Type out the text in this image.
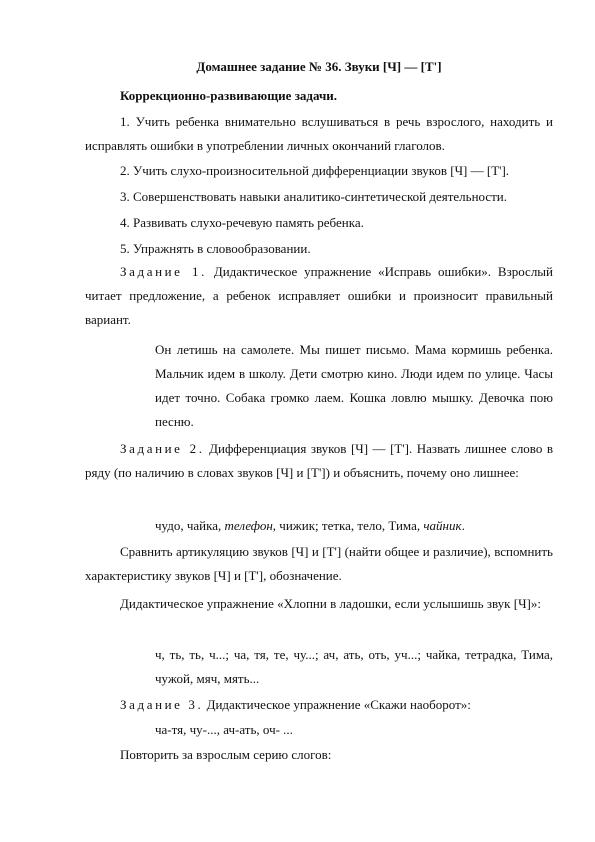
Домашнее задание № 36. Звуки [Ч] — [Т']

Коррекционно-развивающие задачи.

1. Учить ребенка внимательно вслушиваться в речь взрослого, находить и исправлять ошибки в употреблении личных окончаний глаголов.

2. Учить слухо-произносительной дифференциации звуков [Ч] — [Т'].

3. Совершенствовать навыки аналитико-синтетической деятельности.

4. Развивать слухо-речевую память ребенка.

5. Упражнять в словообразовании.

Задание 1. Дидактическое упражнение «Исправь ошибки». Взрослый читает предложение, а ребенок исправляет ошибки и произносит правильный вариант.

Он летишь на самолете. Мы пишет письмо. Мама кормишь ребенка. Мальчик идем в школу. Дети смотрю кино. Люди идем по улице. Часы идет точно. Собака громко лаем. Кошка ловлю мышку. Девочка пою песню.

Задание 2. Дифференциация звуков [Ч] — [Т']. Назвать лишнее слово в ряду (по наличию в словах звуков [Ч] и [Т']) и объяснить, почему оно лишнее:

чудо, чайка, телефон, чижик; тетка, тело, Тима, чайник.

Сравнить артикуляцию звуков [Ч] и [Т'] (найти общее и различие), вспомнить характеристику звуков [Ч] и [Т'], обозначение.

Дидактическое упражнение «Хлопни в ладошки, если услышишь звук [Ч]»:

ч, ть, ть, ч...; ча, тя, те, чу...; ач, ать, оть, уч...; чайка, тетрадка, Тима, чужой, мяч, мять...

Задание 3. Дидактическое упражнение «Скажи наоборот»:

ча-тя, чу-..., ач-ать, оч- ...

Повторить за взрослым серию слогов:
